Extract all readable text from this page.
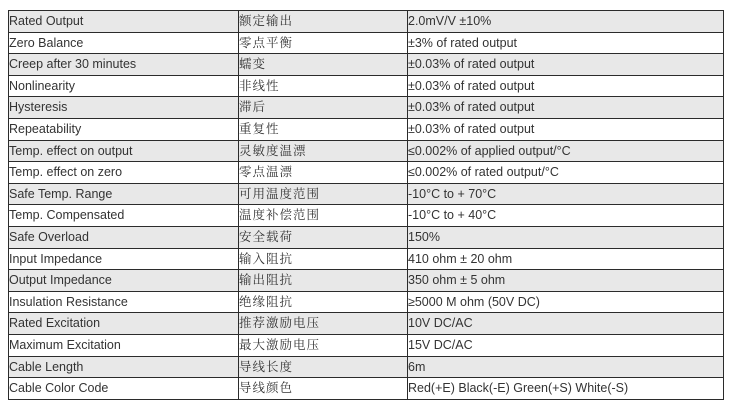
Rated Output	额定输出	2.0mV/V ±10%
Zero Balance	零点平衡	±3% of rated output
Creep after 30 minutes	蠕变	±0.03% of rated output
Nonlinearity	非线性	±0.03% of rated output
Hysteresis	滞后	±0.03% of rated output
Repeatability	重复性	±0.03% of rated output
Temp. effect on output	灵敏度温漂	≤0.002% of applied output/°C
Temp. effect on zero	零点温漂	≤0.002% of rated output/°C
Safe Temp. Range	可用温度范围	-10°C to + 70°C
Temp. Compensated	温度补偿范围	-10°C to + 40°C
Safe Overload	安全载荷	150%
Input Impedance	输入阻抗	410 ohm ± 20 ohm
Output Impedance	输出阻抗	350 ohm ± 5 ohm
Insulation Resistance	绝缘阻抗	≥5000 M ohm (50V DC)
Rated Excitation	推荐激励电压	10V DC/AC
Maximum Excitation	最大激励电压	15V DC/AC
Cable Length	导线长度	6m
Cable Color Code	导线颜色	Red(+E) Black(-E) Green(+S) White(-S)
